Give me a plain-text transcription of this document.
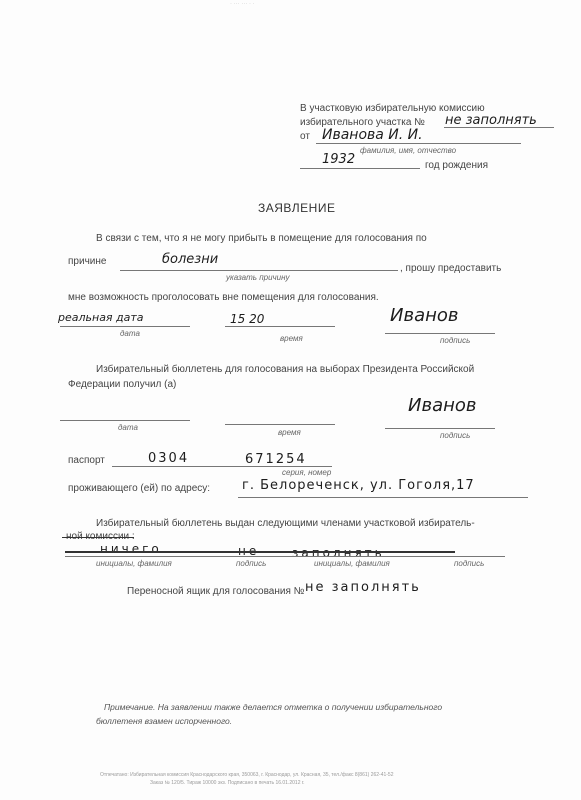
· ··· ··· · ·
В участковую избирательную комиссию
избирательного участка № не заполнять
от Иванова И. И.
фамилия, имя, отчество
1932	год рождения
ЗАЯВЛЕНИЕ
В связи с тем, что я не могу прибыть в помещение для голосования по
причине	болезни
указать причину
, прошу предоставить
мне возможность проголосовать вне помещения для голосования.
реальная дата
дата
15 20
время
Иванов
подпись
Избирательный бюллетень для голосования на выборах Президента Российской
Федерации получил (а)
дата
время
Иванов
подпись
паспорт	0304	671254
серия, номер
проживающего (ей) по адресу: г. Белореченск, ул. Гоголя,17
Избирательный бюллетень выдан следующими членами участковой избиратель-
ной комиссии :
ничего	не	заполнять
инициалы, фамилия	подпись	инициалы, фамилия	подпись
Переносной ящик для голосования № не заполнять
Примечание. На заявлении также делается отметка о получении избирательного
бюллетеня взамен испорченного.
Отпечатано: Избирательная комиссия Краснодарского края, 350063, г. Краснодар, ул. Красная, 35, тел./факс 8(861) 262-41-52
Заказ № 120/5. Тираж 10000 экз. Подписано в печать 16.01.2012 г.
